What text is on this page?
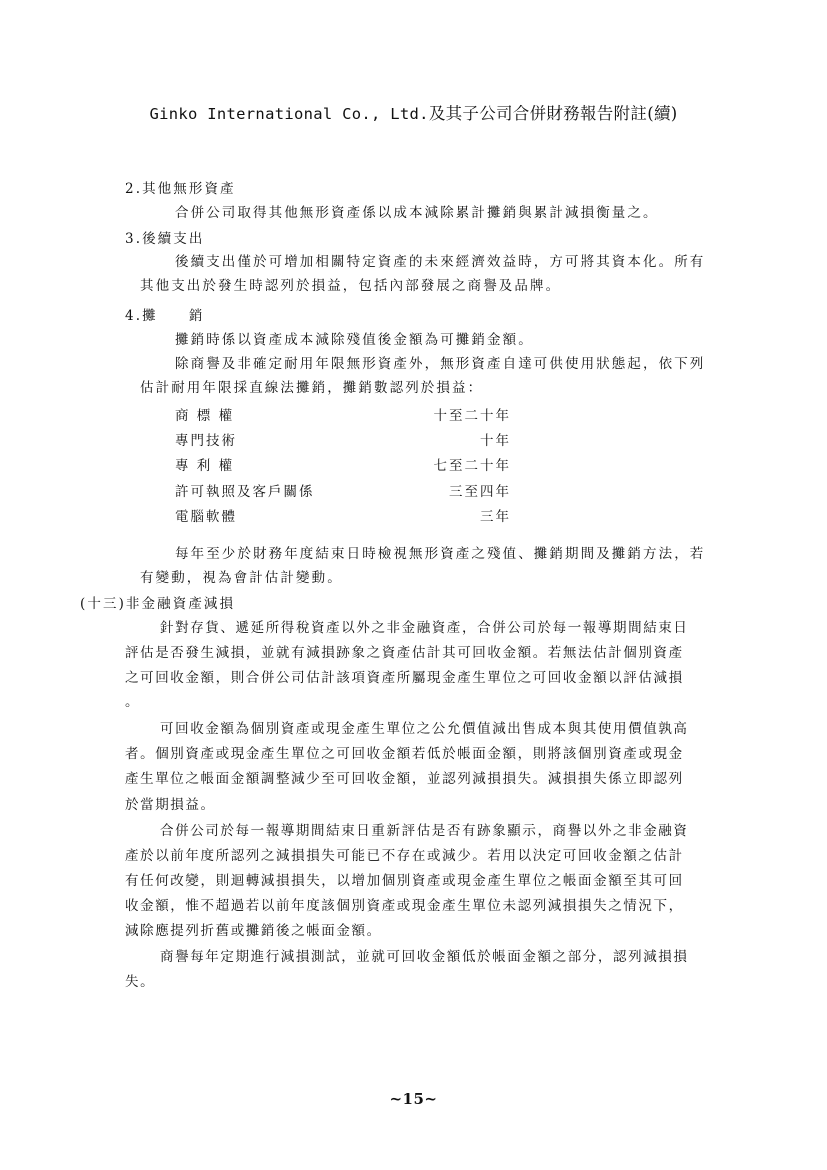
Ginko International Co., Ltd.及其子公司合併財務報告附註(續)
2.其他無形資產
合併公司取得其他無形資產係以成本減除累計攤銷與累計減損衡量之。
3.後續支出
後續支出僅於可增加相關特定資產的未來經濟效益時，方可將其資本化。所有
其他支出於發生時認列於損益，包括內部發展之商譽及品牌。
4.攤　　銷
攤銷時係以資產成本減除殘值後金額為可攤銷金額。
除商譽及非確定耐用年限無形資產外，無形資產自達可供使用狀態起，依下列
估計耐用年限採直線法攤銷，攤銷數認列於損益：
商 標 權	十至二十年
專門技術	十年
專 利 權	七至二十年
許可執照及客戶關係	三至四年
電腦軟體	三年
每年至少於財務年度結束日時檢視無形資產之殘值、攤銷期間及攤銷方法，若
有變動，視為會計估計變動。
(十三)非金融資產減損
針對存貨、遞延所得稅資產以外之非金融資產，合併公司於每一報導期間結束日
評估是否發生減損，並就有減損跡象之資產估計其可回收金額。若無法估計個別資產
之可回收金額，則合併公司估計該項資產所屬現金產生單位之可回收金額以評估減損
。
可回收金額為個別資產或現金產生單位之公允價值減出售成本與其使用價值孰高
者。個別資產或現金產生單位之可回收金額若低於帳面金額，則將該個別資產或現金
產生單位之帳面金額調整減少至可回收金額，並認列減損損失。減損損失係立即認列
於當期損益。
合併公司於每一報導期間結束日重新評估是否有跡象顯示，商譽以外之非金融資
產於以前年度所認列之減損損失可能已不存在或減少。若用以決定可回收金額之估計
有任何改變，則迴轉減損損失，以增加個別資產或現金產生單位之帳面金額至其可回
收金額，惟不超過若以前年度該個別資產或現金產生單位未認列減損損失之情況下，
減除應提列折舊或攤銷後之帳面金額。
商譽每年定期進行減損測試，並就可回收金額低於帳面金額之部分，認列減損損
失。
~15~
